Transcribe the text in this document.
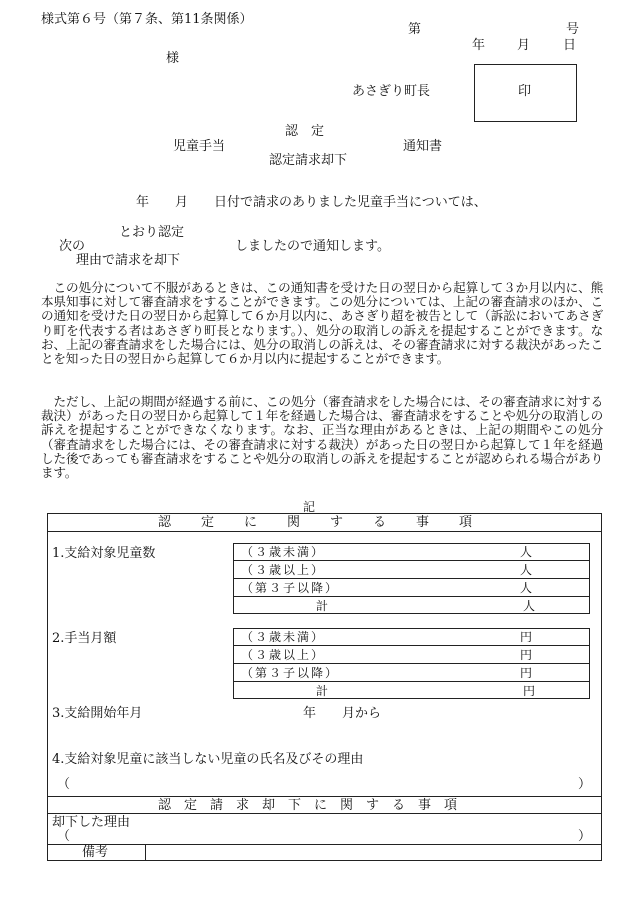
様式第６号（第７条、第11条関係）
第	号
年 月	日
様
あさぎり町長	印
認　定
児童手当	通知書
認定請求却下
年　　月　　日付で請求のありました児童手当については、
とおり認定
次の	しましたので通知します。
理由で請求を却下
　この処分について不服があるときは、この通知書を受けた日の翌日から起算して３か月以内に、熊本県知事に対して審査請求をすることができます。この処分については、上記の審査請求のほか、この通知を受けた日の翌日から起算して６か月以内に、あさぎり超を被告として（訴訟においてあさぎり町を代表する者はあさぎり町長となります。）、処分の取消しの訴えを提起することができます。なお、上記の審査請求をした場合には、処分の取消しの訴えは、その審査請求に対する裁決があったことを知った日の翌日から起算して６か月以内に提起することができます。
　ただし、上記の期間が経過する前に、この処分（審査請求をした場合には、その審査請求に対する裁決）があった日の翌日から起算して１年を経過した場合は、審査請求をすることや処分の取消しの訴えを提起することができなくなります。なお、正当な理由があるときは、上記の期間やこの処分（審査請求をした場合には、その審査請求に対する裁決）があった日の翌日から起算して１年を経過した後であっても審査請求をすることや処分の取消しの訴えを提起することが認められる場合があります。
記
認定に関する事項
1.支給対象児童数	（３歳未満）	人
（３歳以上）	人
（第３子以降）	人
計	人
2.手当月額	（３歳未満）	円
（３歳以上）	円
（第３子以降）	円
計	円
3.支給開始年月	年　　月から
4.支給対象児童に該当しない児童の氏名及びその理由
（	）
認定請求却下に関する事項
却下した理由
（	）
備考
